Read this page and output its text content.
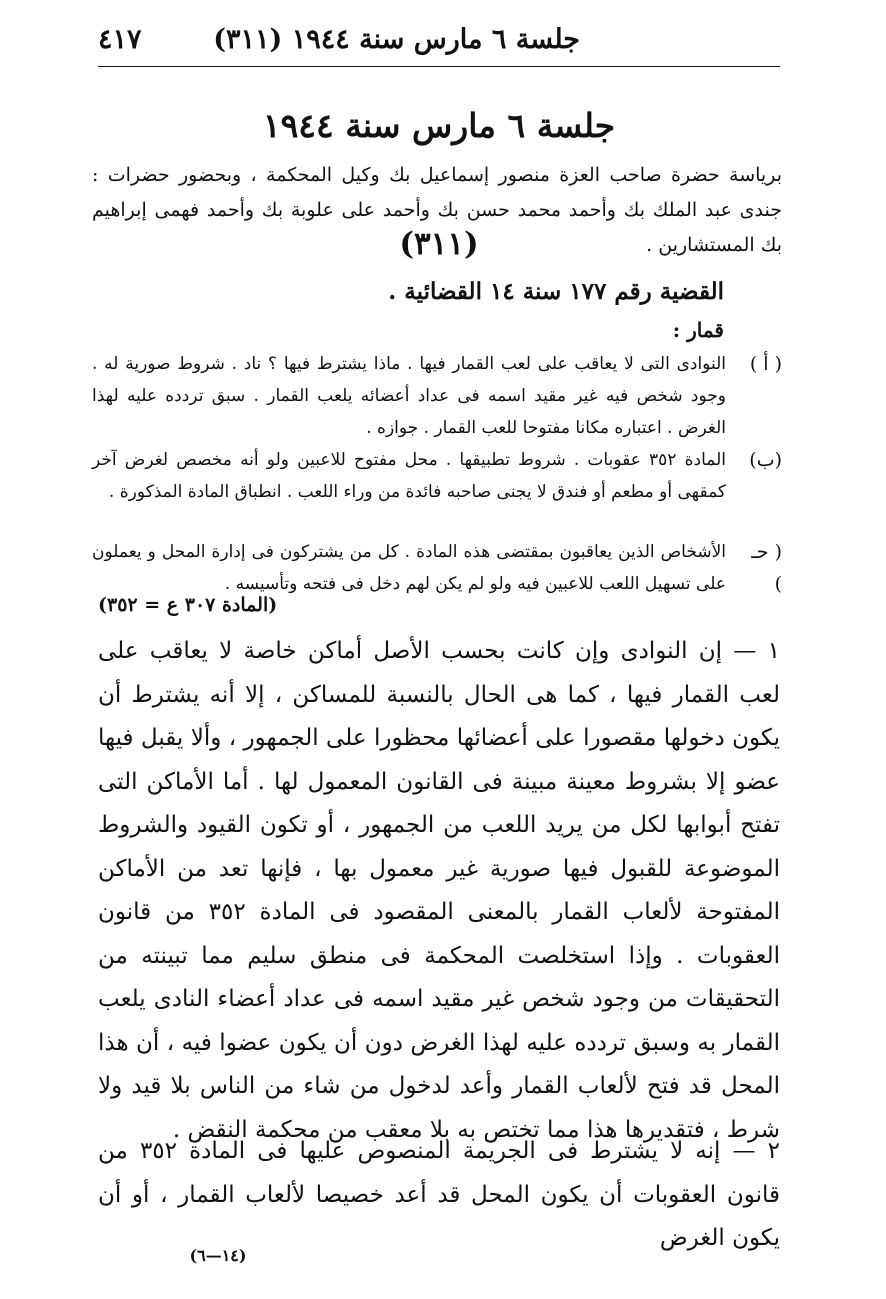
جلسة ٦ مارس سنة ١٩٤٤ (٣١١)
٤١٧
جلسة ٦ مارس سنة ١٩٤٤
برياسة حضرة صاحب العزة منصور إسماعيل بك وكيل المحكمة ، وبحضور حضرات : جندى عبد الملك بك وأحمد محمد حسن بك وأحمد على علوبة بك وأحمد فهمى إبراهيم بك المستشارين .
(٣١١)
القضية رقم ١٧٧ سنة ١٤ القضائية .
قمار :
( أ )
النوادى التى لا يعاقب على لعب القمار فيها . ماذا يشترط فيها ؟ ناد . شروط صورية له . وجود شخص فيه غير مقيد اسمه فى عداد أعضائه يلعب القمار . سبق تردده عليه لهذا الغرض . اعتباره مكانا مفتوحا للعب القمار . جوازه .
(ب)
المادة ٣٥٢ عقوبات . شروط تطبيقها . محل مفتوح للاعبين ولو أنه مخصص لغرض آخر كمقهى أو مطعم أو فندق لا يجنى صاحبه فائدة من وراء اللعب . انطباق المادة المذكورة .
( حـ )
الأشخاص الذين يعاقبون بمقتضى هذه المادة . كل من يشتركون فى إدارة المحل و يعملون على تسهيل اللعب للاعبين فيه ولو لم يكن لهم دخل فى فتحه وتأسيسه .
(المادة ٣٠٧ ع = ٣٥٢)
١ — إن النوادى وإن كانت بحسب الأصل أماكن خاصة لا يعاقب على لعب القمار فيها ، كما هى الحال بالنسبة للمساكن ، إلا أنه يشترط أن يكون دخولها مقصورا على أعضائها محظورا على الجمهور ، وألا يقبل فيها عضو إلا بشروط معينة مبينة فى القانون المعمول لها . أما الأماكن التى تفتح أبوابها لكل من يريد اللعب من الجمهور ، أو تكون القيود والشروط الموضوعة للقبول فيها صورية غير معمول بها ، فإنها تعد من الأماكن المفتوحة لألعاب القمار بالمعنى المقصود فى المادة ٣٥٢ من قانون العقوبات . وإذا استخلصت المحكمة فى منطق سليم مما تبينته من التحقيقات من وجود شخص غير مقيد اسمه فى عداد أعضاء النادى يلعب القمار به وسبق تردده عليه لهذا الغرض دون أن يكون عضوا فيه ، أن هذا المحل قد فتح لألعاب القمار وأعد لدخول من شاء من الناس بلا قيد ولا شرط ، فتقديرها هذا مما تختص به بلا معقب من محكمة النقض .
٢ — إنه لا يشترط فى الجريمة المنصوص عليها فى المادة ٣٥٢ من قانون العقوبات أن يكون المحل قد أعد خصيصا لألعاب القمار ، أو أن يكون الغرض
(١٤—٦)
